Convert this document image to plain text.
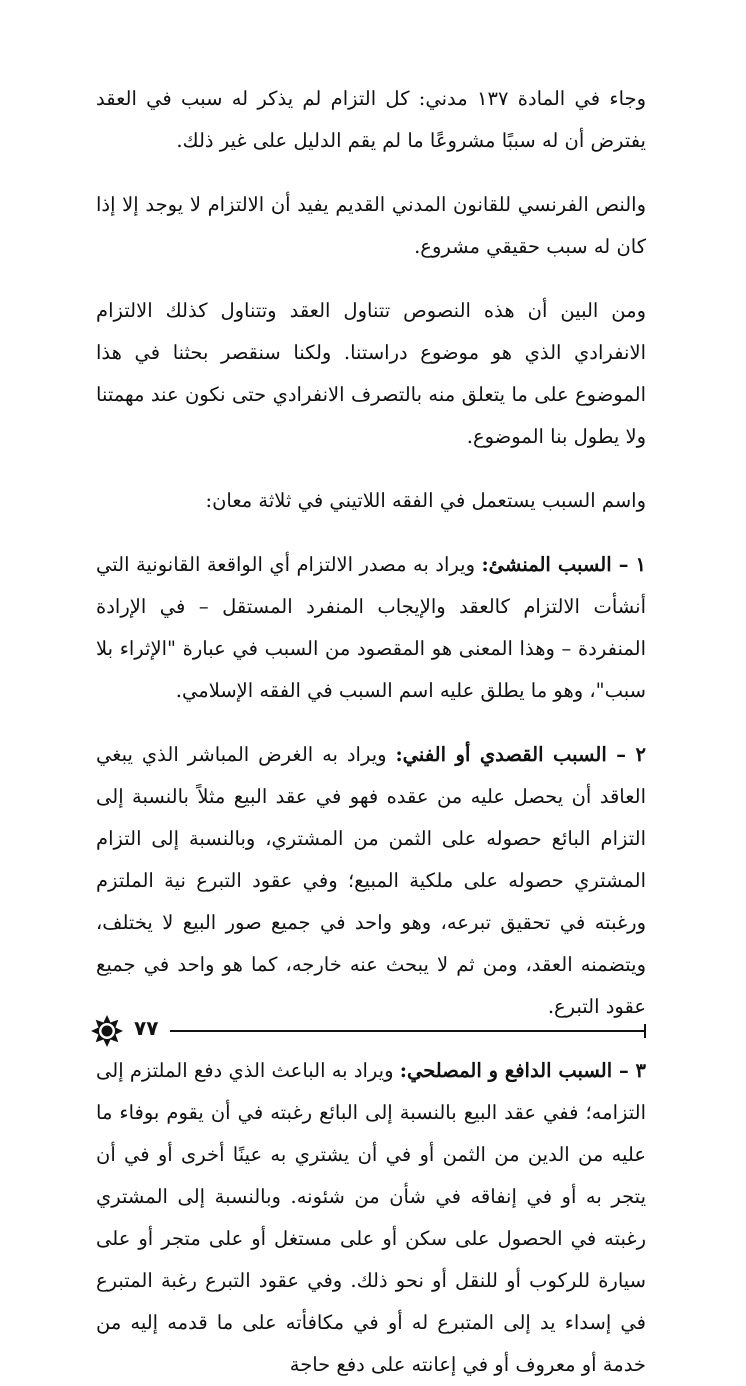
وجاء في المادة ١٣٧ مدني: كل التزام لم يذكر له سبب في العقد يفترض أن له سببًا مشروعًا ما لم يقم الدليل على غير ذلك.

والنص الفرنسي للقانون المدني القديم يفيد أن الالتزام لا يوجد إلا إذا كان له سبب حقيقي مشروع.

ومن البين أن هذه النصوص تتناول العقد وتتناول كذلك الالتزام الانفرادي الذي هو موضوع دراستنا. ولكنا سنقصر بحثنا في هذا الموضوع على ما يتعلق منه بالتصرف الانفرادي حتى نكون عند مهمتنا ولا يطول بنا الموضوع.

واسم السبب يستعمل في الفقه اللاتيني في ثلاثة معان:

١ – السبب المنشئ: ويراد به مصدر الالتزام أي الواقعة القانونية التي أنشأت الالتزام كالعقد والإيجاب المنفرد المستقل – في الإرادة المنفردة – وهذا المعنى هو المقصود من السبب في عبارة "الإثراء بلا سبب"، وهو ما يطلق عليه اسم السبب في الفقه الإسلامي.

٢ – السبب القصدي أو الفني: ويراد به الغرض المباشر الذي يبغي العاقد أن يحصل عليه من عقده فهو في عقد البيع مثلاً بالنسبة إلى التزام البائع حصوله على الثمن من المشتري، وبالنسبة إلى التزام المشتري حصوله على ملكية المبيع؛ وفي عقود التبرع نية الملتزم ورغبته في تحقيق تبرعه، وهو واحد في جميع صور البيع لا يختلف، ويتضمنه العقد، ومن ثم لا يبحث عنه خارجه، كما هو واحد في جميع عقود التبرع.

٣ – السبب الدافع و المصلحي: ويراد به الباعث الذي دفع الملتزم إلى التزامه؛ ففي عقد البيع بالنسبة إلى البائع رغبته في أن يقوم بوفاء ما عليه من الدين من الثمن أو في أن يشتري به عينًا أخرى أو في أن يتجر به أو في إنفاقه في شأن من شئونه. وبالنسبة إلى المشتري رغبته في الحصول على سكن أو على مستغل أو على متجر أو على سيارة للركوب أو للنقل أو نحو ذلك. وفي عقود التبرع رغبة المتبرع في إسداء يد إلى المتبرع له أو في مكافأته على ما قدمه إليه من خدمة أو معروف أو في إعانته على دفع حاجة

٧٧
